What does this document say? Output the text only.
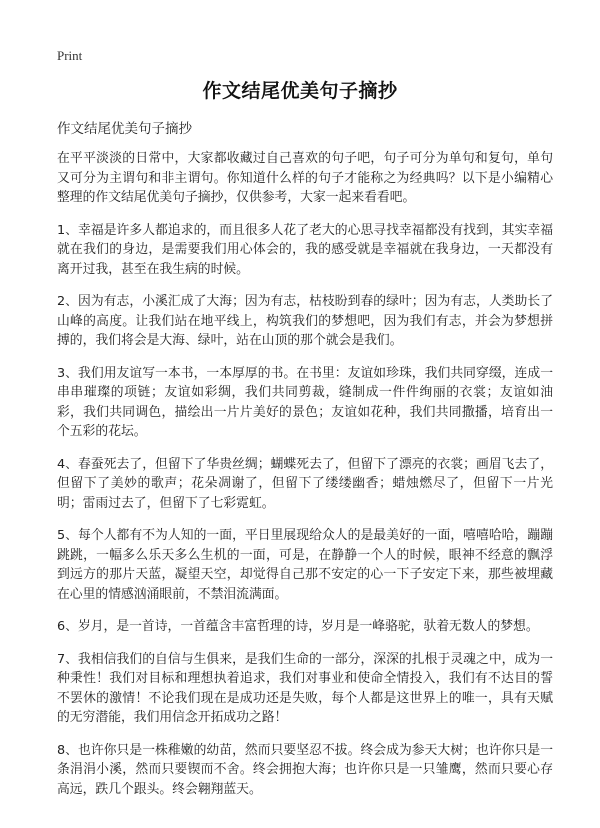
Print
作文结尾优美句子摘抄
作文结尾优美句子摘抄

在平平淡淡的日常中，大家都收藏过自己喜欢的句子吧，句子可分为单句和复句，单句又可分为主谓句和非主谓句。你知道什么样的句子才能称之为经典吗？以下是小编精心整理的作文结尾优美句子摘抄，仅供参考，大家一起来看看吧。

1、幸福是许多人都追求的，而且很多人花了老大的心思寻找幸福都没有找到，其实幸福就在我们的身边，是需要我们用心体会的，我的感受就是幸福就在我身边，一天都没有离开过我，甚至在我生病的时候。

2、因为有志，小溪汇成了大海；因为有志，枯枝盼到春的绿叶；因为有志，人类助长了山峰的高度。让我们站在地平线上，构筑我们的梦想吧，因为我们有志，并会为梦想拼搏的，我们将会是大海、绿叶，站在山顶的那个就会是我们。

3、我们用友谊写一本书，一本厚厚的书。在书里：友谊如珍珠，我们共同穿缀，连成一串串璀璨的项链；友谊如彩绸，我们共同剪裁，缝制成一件件绚丽的衣裳；友谊如油彩，我们共同调色，描绘出一片片美好的景色；友谊如花种，我们共同撒播，培育出一个五彩的花坛。

4、春蚕死去了，但留下了华贵丝绸；蝴蝶死去了，但留下了漂亮的衣裳；画眉飞去了，但留下了美妙的歌声；花朵凋谢了，但留下了缕缕幽香；蜡烛燃尽了，但留下一片光明；雷雨过去了，但留下了七彩霓虹。

5、每个人都有不为人知的一面，平日里展现给众人的是最美好的一面，嘻嘻哈哈，蹦蹦跳跳，一幅多么乐天多么生机的一面，可是，在静静一个人的时候，眼神不经意的飘浮到远方的那片天蓝，凝望天空，却觉得自己那不安定的心一下子安定下来，那些被埋藏在心里的情感汹涌眼前，不禁泪流满面。

6、岁月，是一首诗，一首蕴含丰富哲理的诗，岁月是一峰骆驼，驮着无数人的梦想。

7、我相信我们的自信与生俱来，是我们生命的一部分，深深的扎根于灵魂之中，成为一种秉性！我们对目标和理想执着追求，我们对事业和使命全情投入，我们有不达目的誓不罢休的激情！不论我们现在是成功还是失败，每个人都是这世界上的唯一，具有天赋的无穷潜能，我们用信念开拓成功之路！

8、也许你只是一株稚嫩的幼苗，然而只要坚忍不拔。终会成为参天大树；也许你只是一条涓涓小溪，然而只要锲而不舍。终会拥抱大海；也许你只是一只雏鹰，然而只要心存高远，跌几个跟头。终会翱翔蓝天。
